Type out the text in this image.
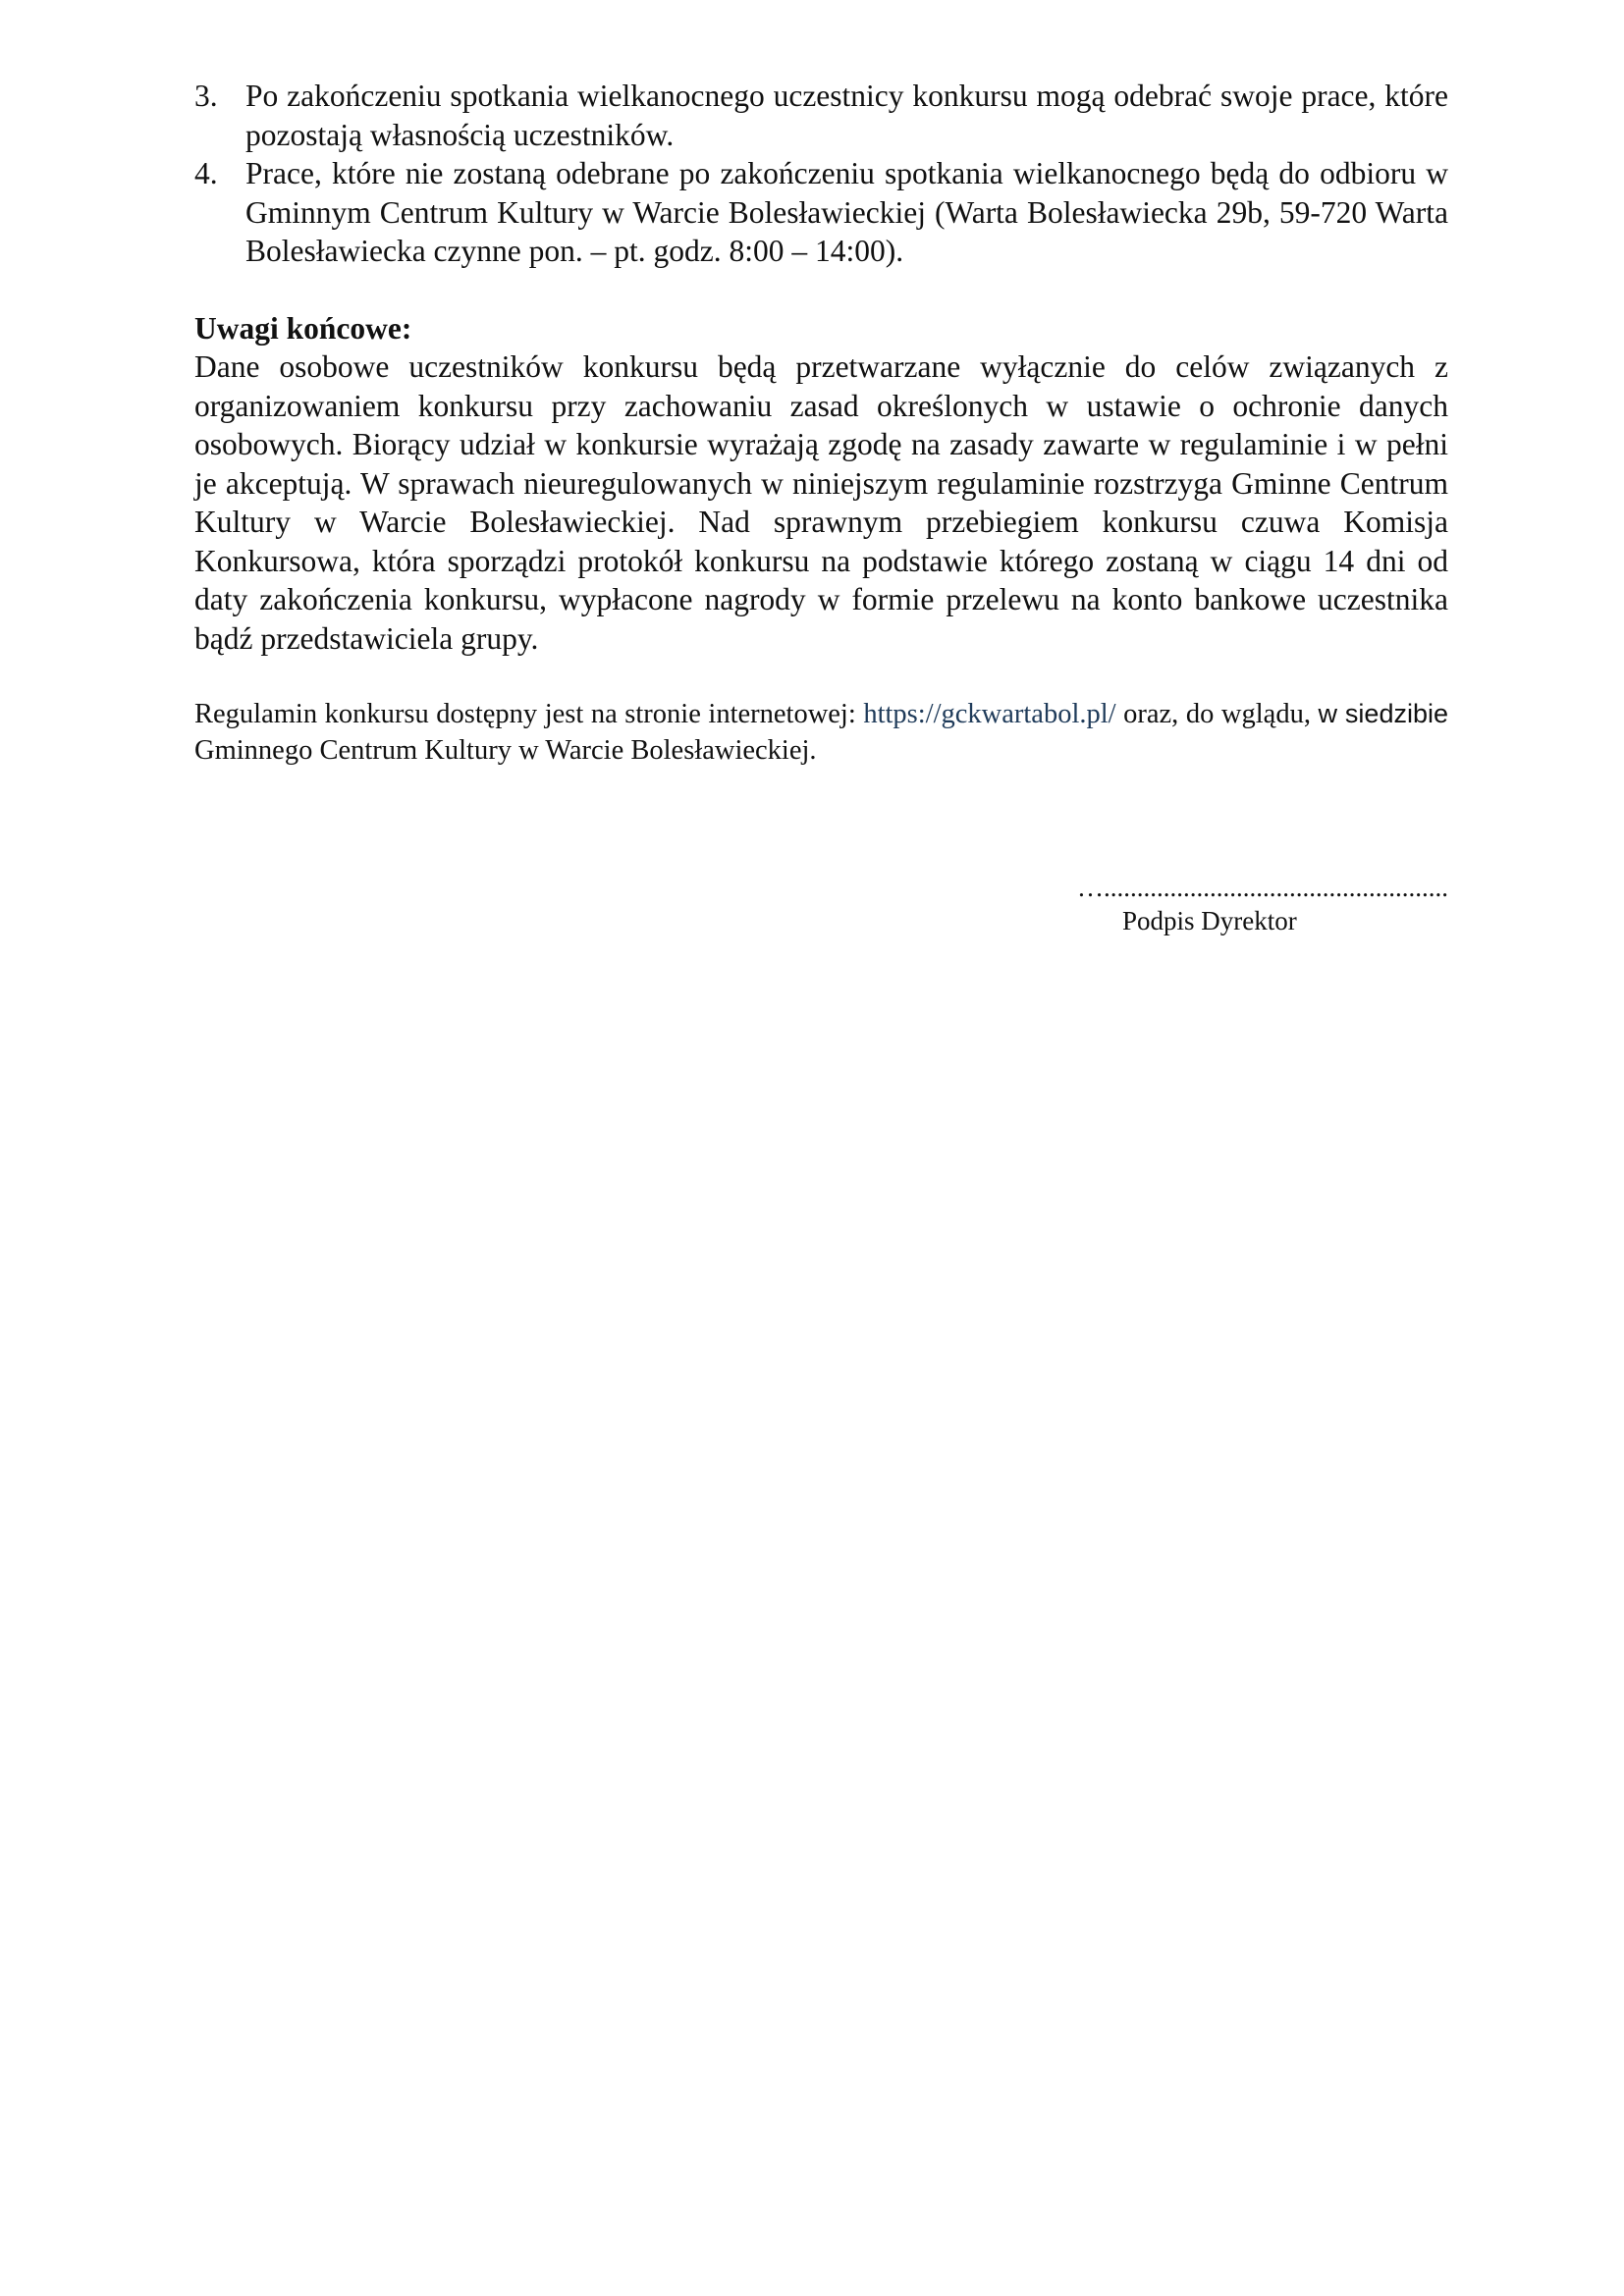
3. Po zakończeniu spotkania wielkanocnego uczestnicy konkursu mogą odebrać swoje prace, które pozostają własnością uczestników.
4. Prace, które nie zostaną odebrane po zakończeniu spotkania wielkanocnego będą do odbioru w Gminnym Centrum Kultury w Warcie Bolesławieckiej (Warta Bolesławiecka 29b, 59-720 Warta Bolesławiecka czynne pon. – pt. godz. 8:00 – 14:00).
Uwagi końcowe:
Dane osobowe uczestników konkursu będą przetwarzane wyłącznie do celów związanych z organizowaniem konkursu przy zachowaniu zasad określonych w ustawie o ochronie danych osobowych. Biorący udział w konkursie wyrażają zgodę na zasady zawarte w regulaminie i w pełni je akceptują. W sprawach nieuregulowanych w niniejszym regulaminie rozstrzyga Gminne Centrum Kultury w Warcie Bolesławieckiej. Nad sprawnym przebiegiem konkursu czuwa Komisja Konkursowa, która sporządzi protokół konkursu na podstawie którego zostaną w ciągu 14 dni od daty zakończenia konkursu, wypłacone nagrody w formie przelewu na konto bankowe uczestnika bądź przedstawiciela grupy.
Regulamin konkursu dostępny jest na stronie internetowej: https://gckwartabol.pl/ oraz, do wglądu, w siedzibie Gminnego Centrum Kultury w Warcie Bolesławieckiej.
…....................................................
Podpis Dyrektor
